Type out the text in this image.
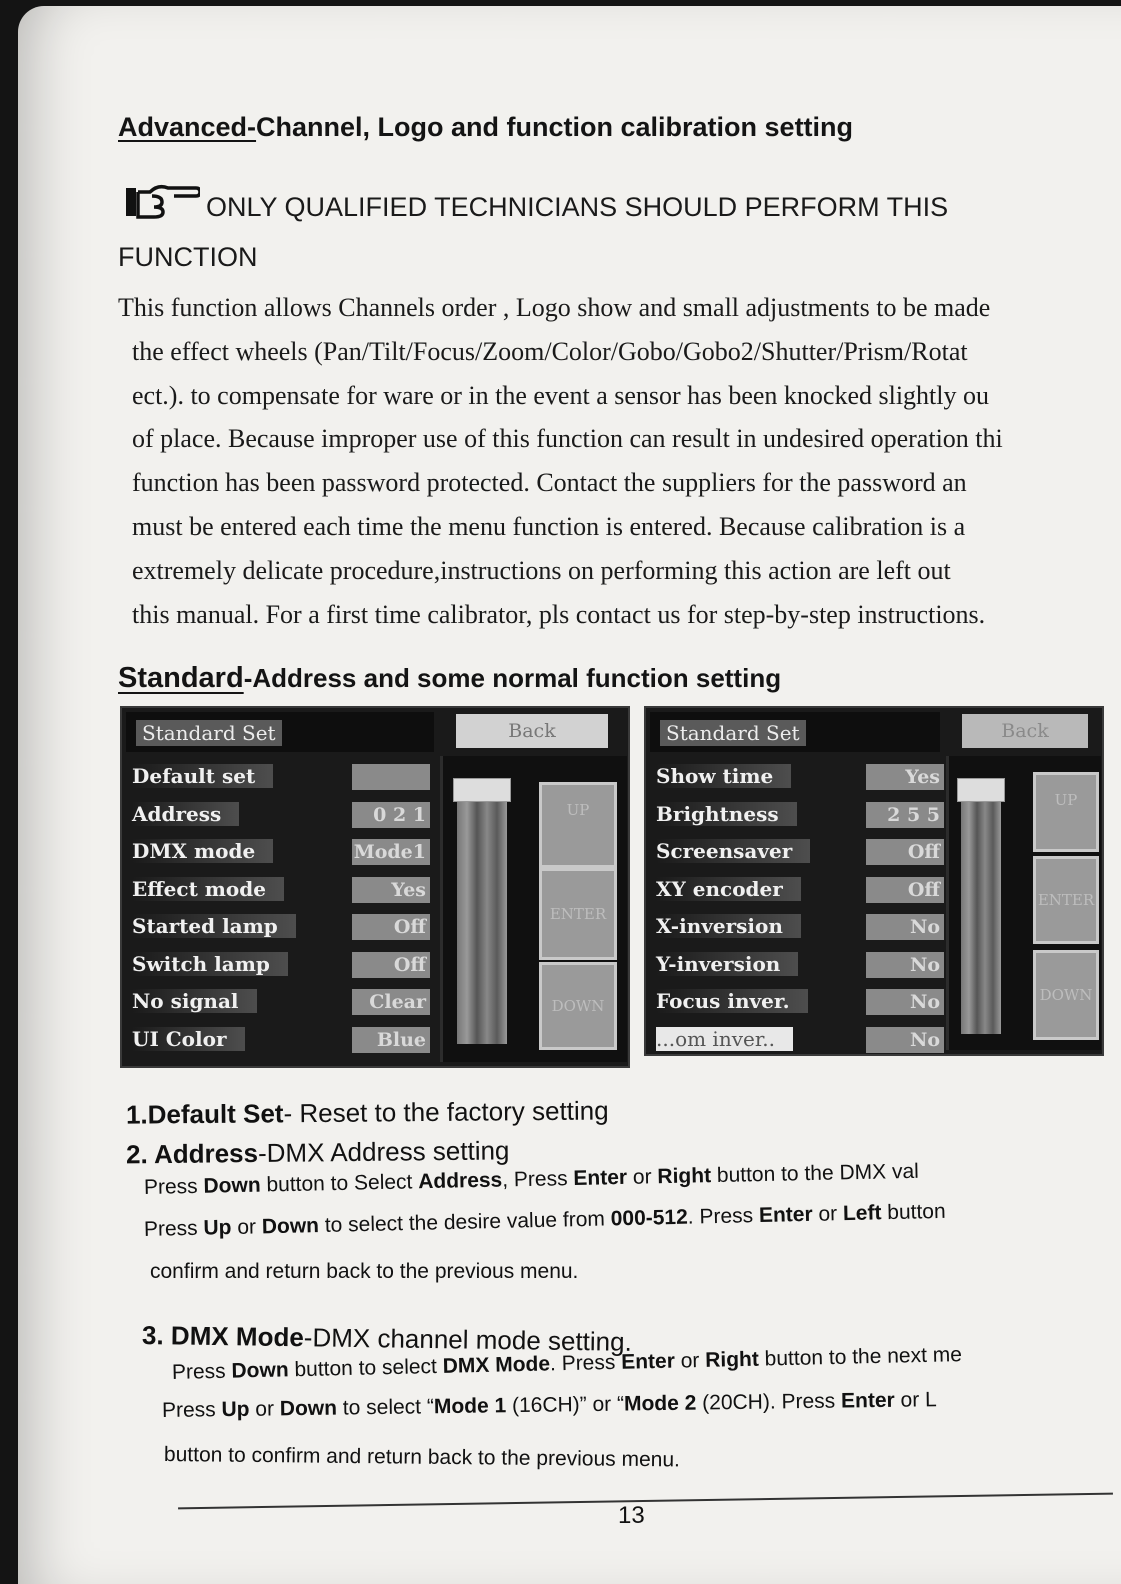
Advanced-Channel, Logo and function calibration setting
ONLY QUALIFIED TECHNICIANS SHOULD PERFORM THIS
FUNCTION
This function allows Channels order , Logo show and small adjustments to be made
the effect wheels (Pan/Tilt/Focus/Zoom/Color/Gobo/Gobo2/Shutter/Prism/Rotat
ect.). to compensate for ware or in the event a sensor has been knocked slightly ou
of place. Because improper use of this function can result in undesired operation thi
function has been password protected. Contact the suppliers for the password an
must be entered each time the menu function is entered. Because calibration is a
extremely delicate procedure,instructions on performing this action are left out
this manual. For a first time calibrator, pls contact us for step-by-step instructions.
Standard-Address and some normal function setting
Standard Set	Back
Default set
Address	0 2 1
DMX mode	Mode1
Effect mode	Yes
Started lamp	Off
Switch lamp	Off
No signal	Clear
UI Color	Blue
UP
ENTER
DOWN
Standard Set	Back
Show time	Yes
Brightness	2 5 5
Screensaver	Off
XY encoder	Off
X-inversion	No
Y-inversion	No
Focus inver.	No
...om inver..	No
UP
ENTER
DOWN
1.Default Set- Reset to the factory setting
2. Address-DMX Address setting
Press Down button to Select Address, Press Enter or Right button to the DMX val
Press Up or Down to select the desire value from 000-512. Press Enter or Left button
confirm and return back to the previous menu.
3. DMX Mode-DMX channel mode setting.
Press Down button to select DMX Mode. Press Enter or Right button to the next me
Press Up or Down to select “Mode 1 (16CH)” or “Mode 2 (20CH). Press Enter or L
button to confirm and return back to the previous menu.
13
